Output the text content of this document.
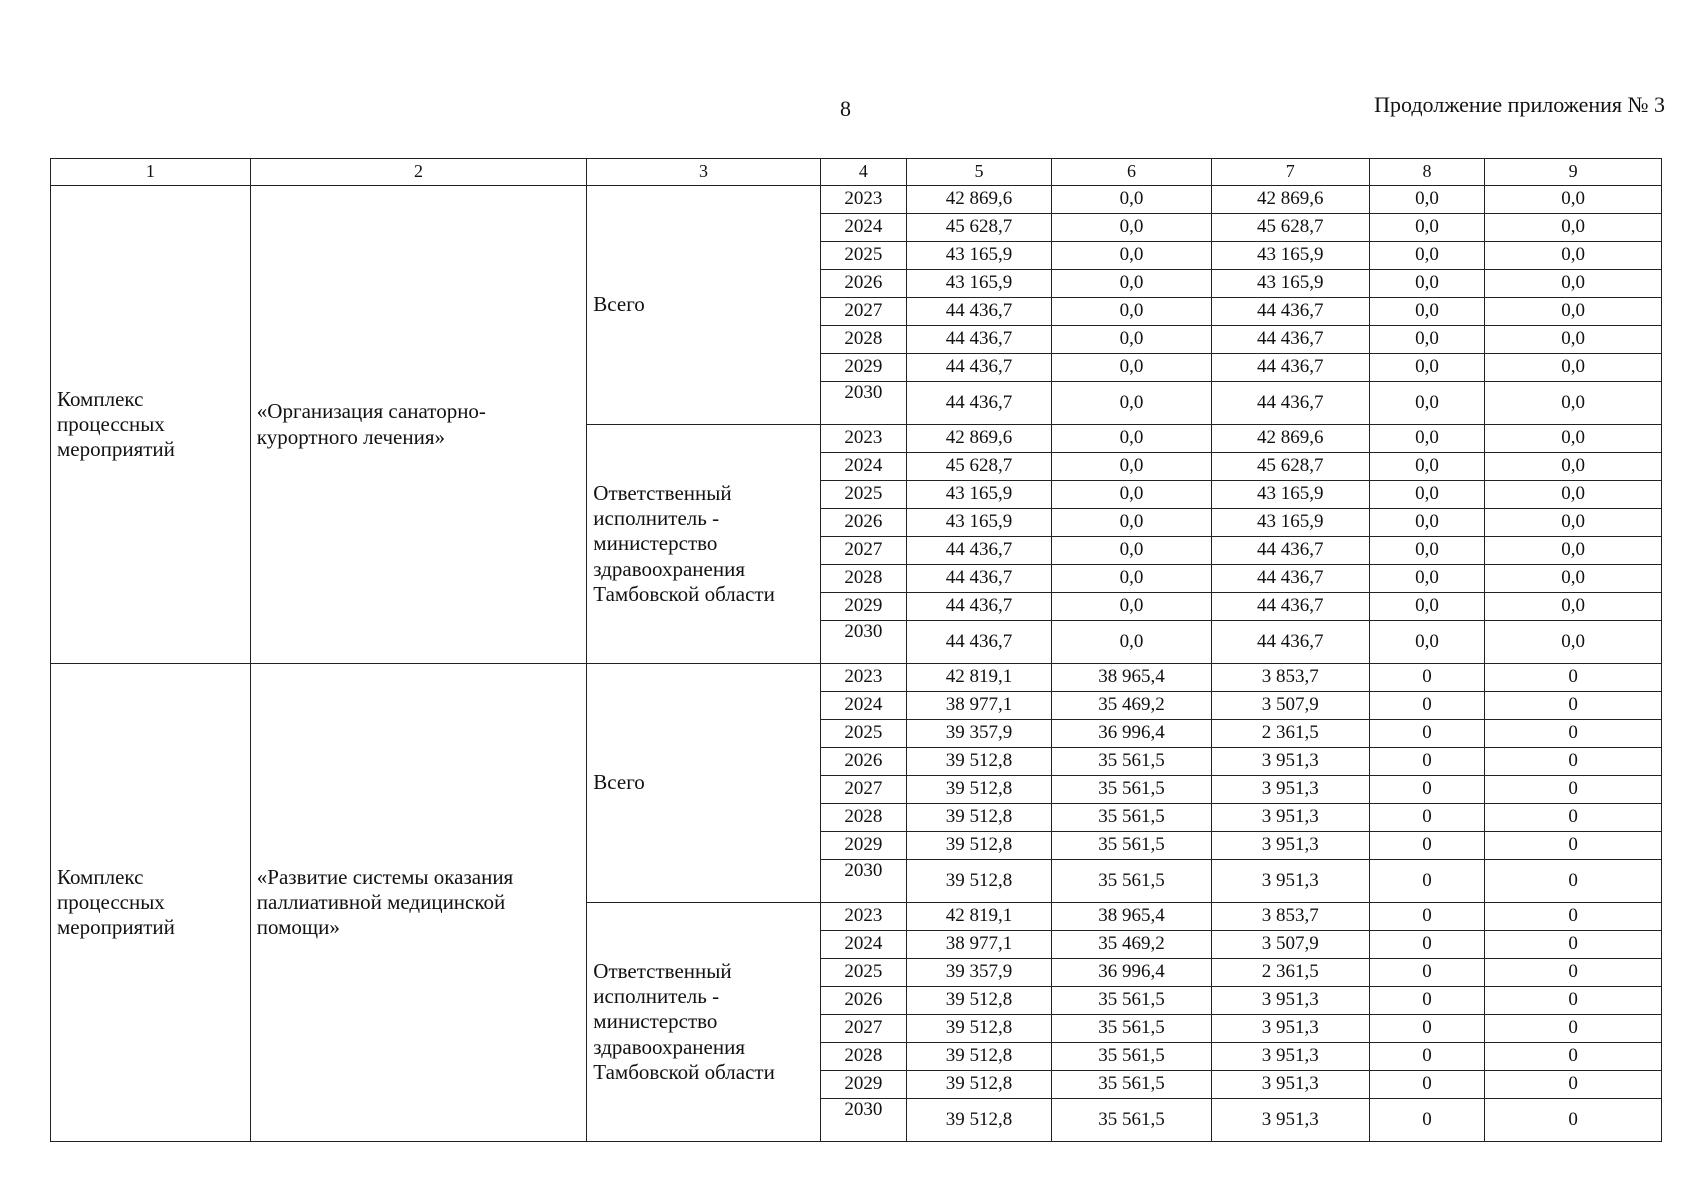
8	Продолжение приложения № 3
1	2	3	4	5	6	7	8	9
Комплекс процессных мероприятий	«Организация санаторно-курортного лечения»	Всего	2023	42 869,6	0,0	42 869,6	0,0	0,0
			2024	45 628,7	0,0	45 628,7	0,0	0,0
			2025	43 165,9	0,0	43 165,9	0,0	0,0
			2026	43 165,9	0,0	43 165,9	0,0	0,0
			2027	44 436,7	0,0	44 436,7	0,0	0,0
			2028	44 436,7	0,0	44 436,7	0,0	0,0
			2029	44 436,7	0,0	44 436,7	0,0	0,0
			2030	44 436,7	0,0	44 436,7	0,0	0,0
		Ответственный исполнитель - министерство здравоохранения Тамбовской области	2023	42 869,6	0,0	42 869,6	0,0	0,0
			2024	45 628,7	0,0	45 628,7	0,0	0,0
			2025	43 165,9	0,0	43 165,9	0,0	0,0
			2026	43 165,9	0,0	43 165,9	0,0	0,0
			2027	44 436,7	0,0	44 436,7	0,0	0,0
			2028	44 436,7	0,0	44 436,7	0,0	0,0
			2029	44 436,7	0,0	44 436,7	0,0	0,0
			2030	44 436,7	0,0	44 436,7	0,0	0,0
Комплекс процессных мероприятий	«Развитие системы оказания паллиативной медицинской помощи»	Всего	2023	42 819,1	38 965,4	3 853,7	0	0
			2024	38 977,1	35 469,2	3 507,9	0	0
			2025	39 357,9	36 996,4	2 361,5	0	0
			2026	39 512,8	35 561,5	3 951,3	0	0
			2027	39 512,8	35 561,5	3 951,3	0	0
			2028	39 512,8	35 561,5	3 951,3	0	0
			2029	39 512,8	35 561,5	3 951,3	0	0
			2030	39 512,8	35 561,5	3 951,3	0	0
		Ответственный исполнитель - министерство здравоохранения Тамбовской области	2023	42 819,1	38 965,4	3 853,7	0	0
			2024	38 977,1	35 469,2	3 507,9	0	0
			2025	39 357,9	36 996,4	2 361,5	0	0
			2026	39 512,8	35 561,5	3 951,3	0	0
			2027	39 512,8	35 561,5	3 951,3	0	0
			2028	39 512,8	35 561,5	3 951,3	0	0
			2029	39 512,8	35 561,5	3 951,3	0	0
			2030	39 512,8	35 561,5	3 951,3	0	0
